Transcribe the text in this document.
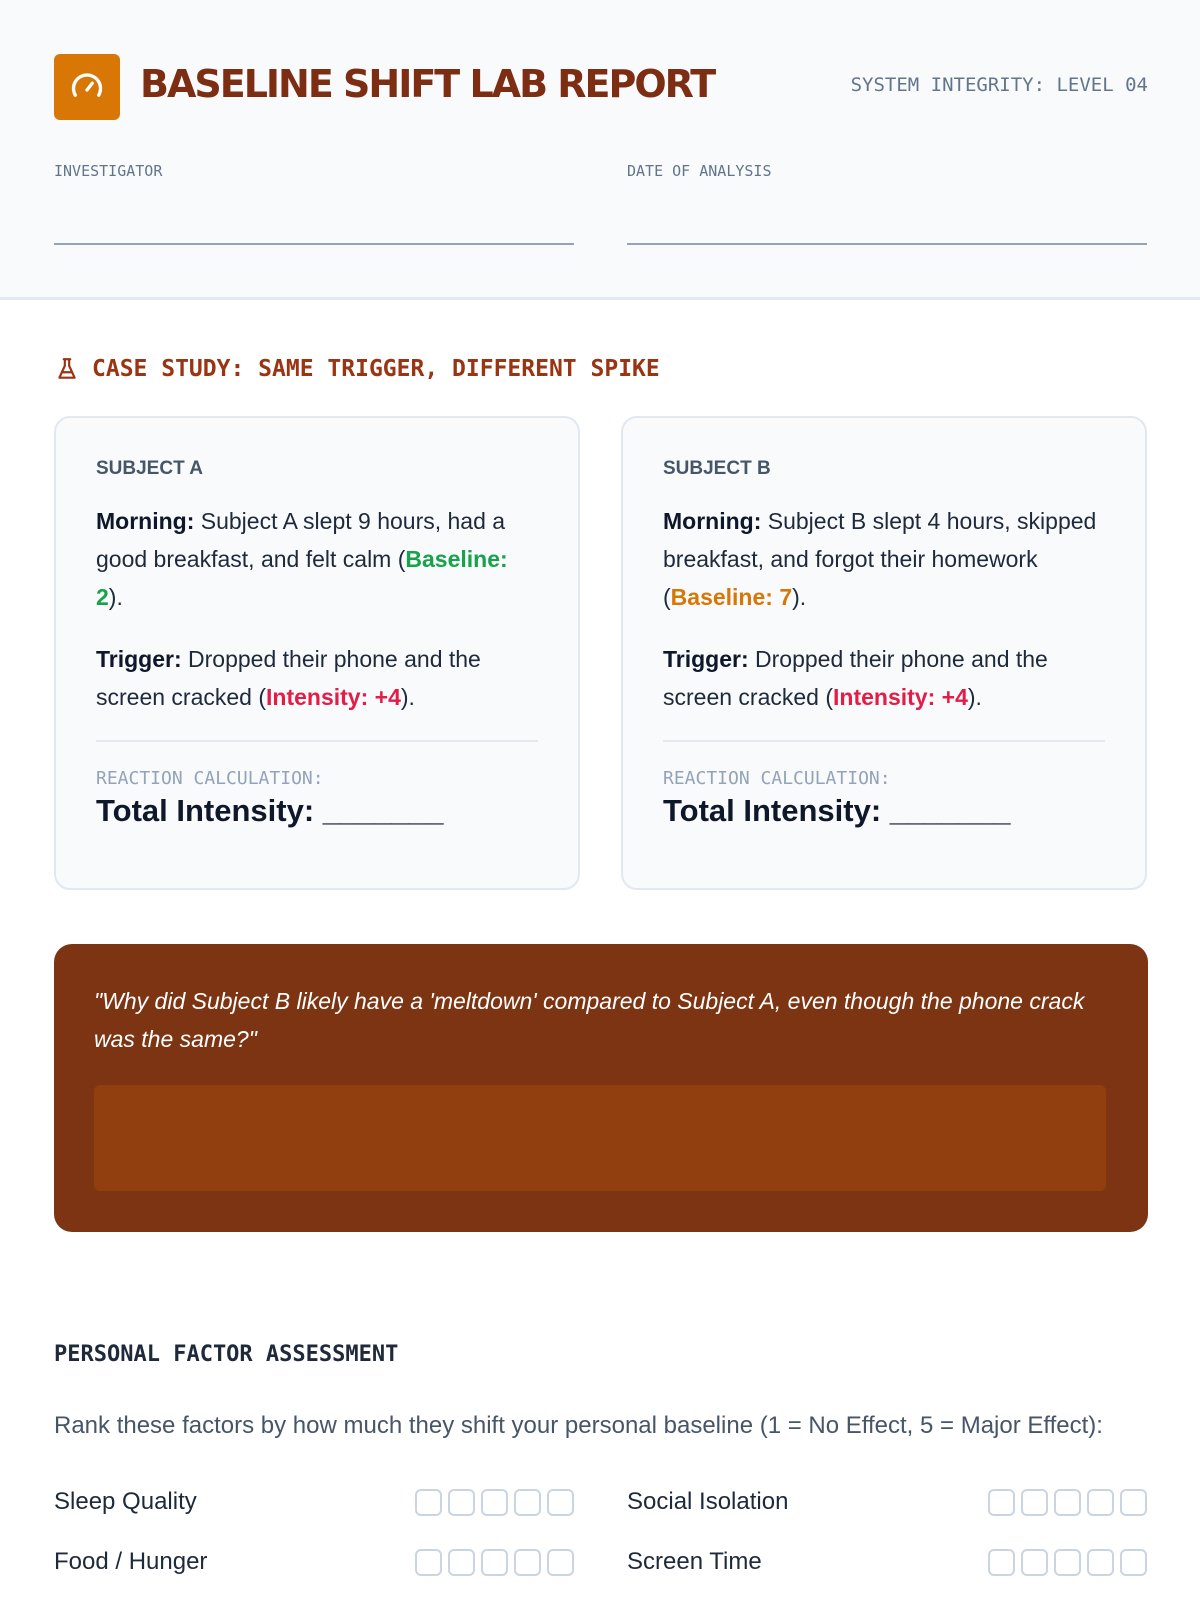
BASELINE SHIFT LAB REPORT	SYSTEM INTEGRITY: LEVEL 04
INVESTIGATOR	DATE OF ANALYSIS
CASE STUDY: SAME TRIGGER, DIFFERENT SPIKE
SUBJECT A

Morning: Subject A slept 9 hours, had a good breakfast, and felt calm (Baseline: 2).

Trigger: Dropped their phone and the screen cracked (Intensity: +4).

REACTION CALCULATION:
Total Intensity: _______
SUBJECT B

Morning: Subject B slept 4 hours, skipped breakfast, and forgot their homework (Baseline: 7).

Trigger: Dropped their phone and the screen cracked (Intensity: +4).

REACTION CALCULATION:
Total Intensity: _______
"Why did Subject B likely have a 'meltdown' compared to Subject A, even though the phone crack was the same?"
PERSONAL FACTOR ASSESSMENT
Rank these factors by how much they shift your personal baseline (1 = No Effect, 5 = Major Effect):
Sleep Quality	Social Isolation
Food / Hunger	Screen Time
